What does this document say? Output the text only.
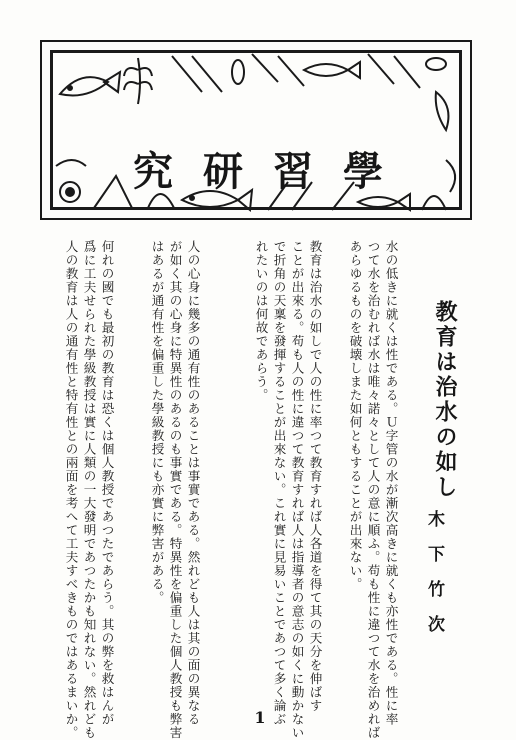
究 研 習 學
教育は治水の如し
木下竹次
水の低きに就くは性である。Ｕ字管の水が漸次高きに就くも亦性である。性に率
つて水を治むれば水は唯々諾々として人の意に順ふ。苟も性に違つて水を治めれば
あらゆるものを破壊しまた如何ともすることが出來ない。
教育は治水の如しで人の性に率つて教育すれば人各道を得て其の天分を伸ばす
ことが出來る。苟も人の性に違つて教育すれば人は指導者の意志の如くに動かない
で折角の天稟を發揮することが出來ない。これ實に見易いことであつて多く論ぶ
れたいのは何故であらう。
人の心身に幾多の通有性のあることは事實である。然れども人は其の面の異なる
が如く其の心身に特異性のあるのも事實である。特異性を偏重した個人教授も弊害
はあるが通有性を偏重した學級教授にも亦實に弊害がある。
何れの國でも最初の教育は恐くは個人教授であつたであらう。其の弊を救はんが
爲に工夫せられた學級教授は實に人類の一大發明であつたかも知れない。然れども
人の教育は人の通有性と特有性との兩面を考へて工夫すべきものではあるまいか。	1
